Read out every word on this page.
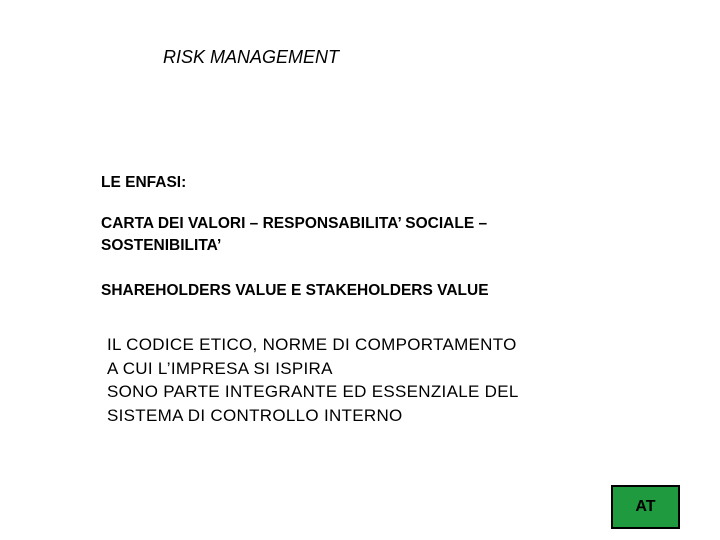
RISK MANAGEMENT
LE ENFASI:
CARTA DEI VALORI – RESPONSABILITA’ SOCIALE –
SOSTENIBILITA’
SHAREHOLDERS VALUE E STAKEHOLDERS VALUE
IL CODICE ETICO, NORME DI COMPORTAMENTO
A CUI L’IMPRESA SI ISPIRA
SONO PARTE INTEGRANTE ED ESSENZIALE DEL
SISTEMA DI CONTROLLO INTERNO
AT
